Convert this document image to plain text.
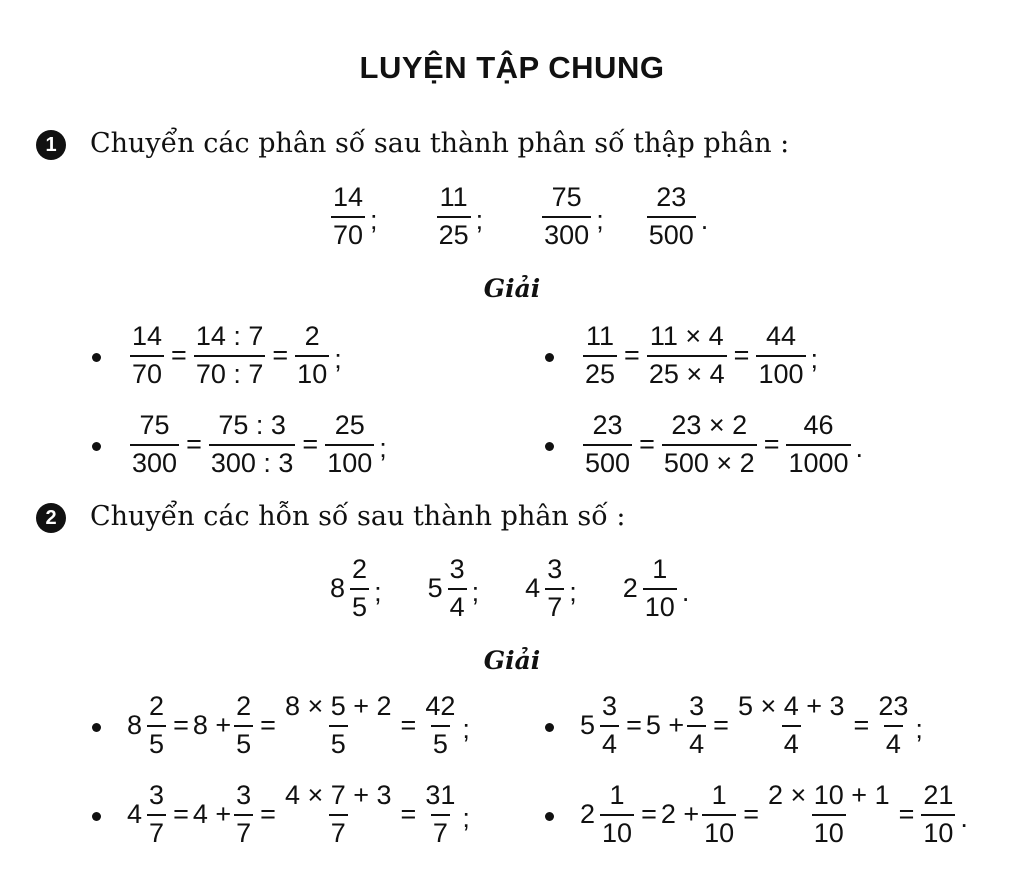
LUYỆN TẬP CHUNG
1	Chuyển các phân số sau thành phân số thập phân :
$\frac{14}{70}$ ; $\frac{11}{25}$ ; $\frac{75}{300}$ ; $\frac{23}{500}$ .
Giải
$\frac{14}{70} = \frac{14 : 7}{70 : 7} = \frac{2}{10}$ ;	$\frac{11}{25} = \frac{11 \times 4}{25 \times 4} = \frac{44}{100}$ ;
$\frac{75}{300} = \frac{75 : 3}{300 : 3} = \frac{25}{100}$ ;	$\frac{23}{500} = \frac{23 \times 2}{500 \times 2} = \frac{46}{1000}$ .
2	Chuyển các hỗn số sau thành phân số :
$8 \frac{2}{5}$ ; $5 \frac{3}{4}$ ; $4 \frac{3}{7}$ ; $2 \frac{1}{10}$ .
Giải
$8 \frac{2}{5} = 8 + \frac{2}{5} = \frac{8 \times 5 + 2}{5} = \frac{42}{5}$ ;	$5 \frac{3}{4} = 5 + \frac{3}{4} = \frac{5 \times 4 + 3}{4} = \frac{23}{4}$ ;
$4 \frac{3}{7} = 4 + \frac{3}{7} = \frac{4 \times 7 + 3}{7} = \frac{31}{7}$ ;	$2 \frac{1}{10} = 2 + \frac{1}{10} = \frac{2 \times 10 + 1}{10} = \frac{21}{10}$ .
